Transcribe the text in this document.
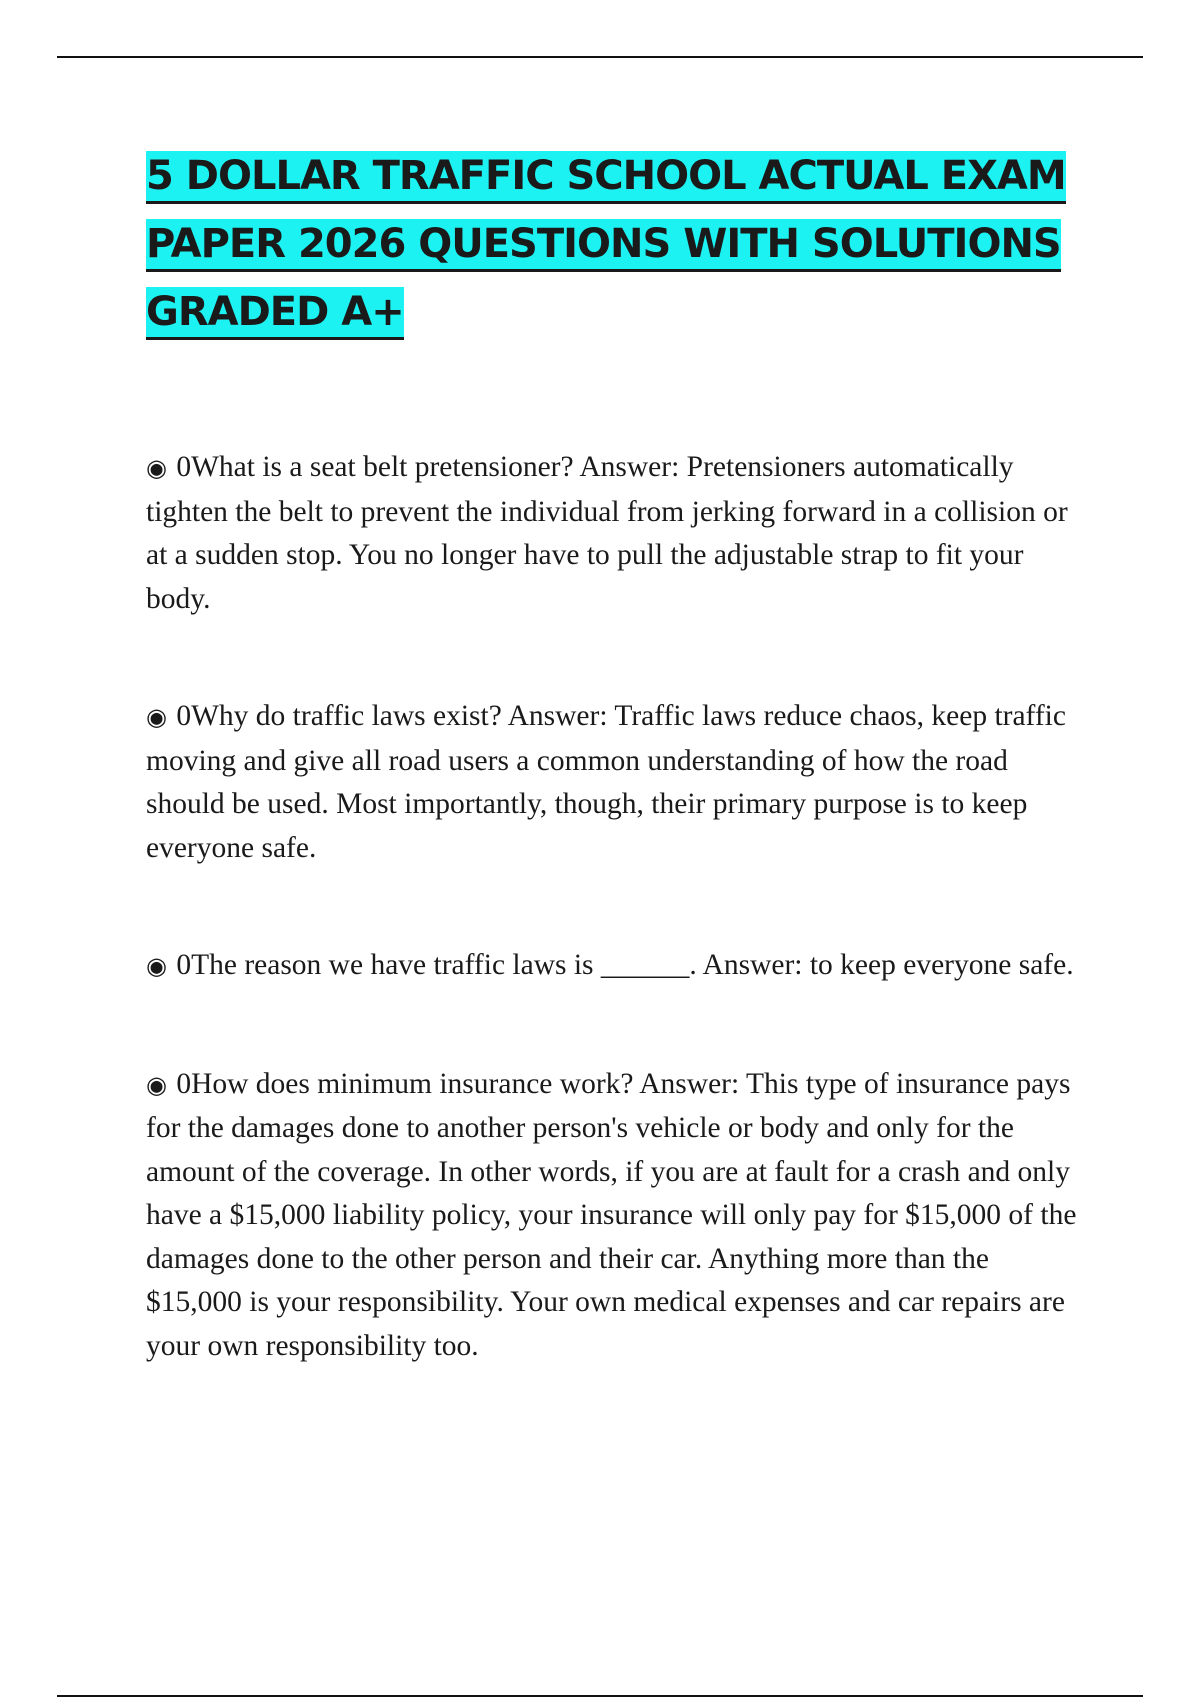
5 DOLLAR TRAFFIC SCHOOL ACTUAL EXAM PAPER 2026 QUESTIONS WITH SOLUTIONS GRADED A+

◉ 0What is a seat belt pretensioner? Answer: Pretensioners automatically tighten the belt to prevent the individual from jerking forward in a collision or at a sudden stop. You no longer have to pull the adjustable strap to fit your body.

◉ 0Why do traffic laws exist? Answer: Traffic laws reduce chaos, keep traffic moving and give all road users a common understanding of how the road should be used. Most importantly, though, their primary purpose is to keep everyone safe.

◉ 0The reason we have traffic laws is ______. Answer: to keep everyone safe.

◉ 0How does minimum insurance work? Answer: This type of insurance pays for the damages done to another person's vehicle or body and only for the amount of the coverage. In other words, if you are at fault for a crash and only have a $15,000 liability policy, your insurance will only pay for $15,000 of the damages done to the other person and their car. Anything more than the $15,000 is your responsibility. Your own medical expenses and car repairs are your own responsibility too.
